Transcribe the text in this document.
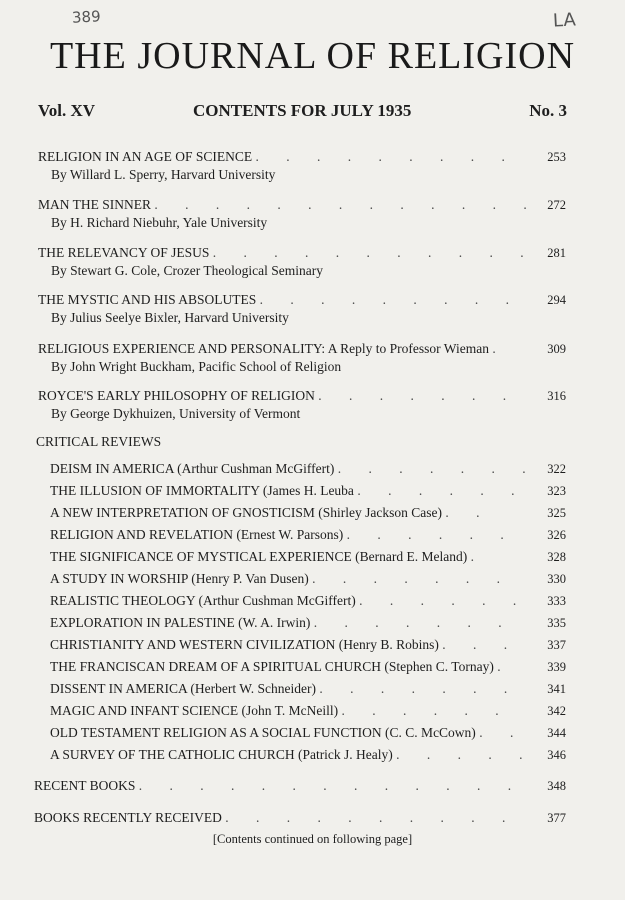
389	LA
THE JOURNAL OF RELIGION
Vol. XV	CONTENTS FOR JULY 1935	No. 3
RELIGION IN AN AGE OF SCIENCE . . . . . . . . . 253
By Willard L. Sperry, Harvard University
MAN THE SINNER . . . . . . . . . . . . . 272
By H. Richard Niebuhr, Yale University
THE RELEVANCY OF JESUS . . . . . . . . . . . 281
By Stewart G. Cole, Crozer Theological Seminary
THE MYSTIC AND HIS ABSOLUTES . . . . . . . . . 294
By Julius Seelye Bixler, Harvard University
RELIGIOUS EXPERIENCE AND PERSONALITY: A Reply to Professor Wieman .	309
By John Wright Buckham, Pacific School of Religion
ROYCE'S EARLY PHILOSOPHY OF RELIGION . . . . . . . 316
By George Dykhuizen, University of Vermont
CRITICAL REVIEWS
DEISM IN AMERICA (Arthur Cushman McGiffert) . . . . . . . 322
THE ILLUSION OF IMMORTALITY (James H. Leuba . . . . . . 323
A NEW INTERPRETATION OF GNOSTICISM (Shirley Jackson Case) . .	325
RELIGION AND REVELATION (Ernest W. Parsons) . . . . . .	326
THE SIGNIFICANCE OF MYSTICAL EXPERIENCE (Bernard E. Meland) .	328
A STUDY IN WORSHIP (Henry P. Van Dusen) . . . . . . .	330
REALISTIC THEOLOGY (Arthur Cushman McGiffert) . . . . . . 333
EXPLORATION IN PALESTINE (W. A. Irwin) . . . . . . .	335
CHRISTIANITY AND WESTERN CIVILIZATION (Henry B. Robins) . . . 337
THE FRANCISCAN DREAM OF A SPIRITUAL CHURCH (Stephen C. Tornay) .	339
DISSENT IN AMERICA (Herbert W. Schneider) . . . . . . . 341
MAGIC AND INFANT SCIENCE (John T. McNeill) . . . . . .	342
OLD TESTAMENT RELIGION AS A SOCIAL FUNCTION (C. C. McCown) . . 344
A SURVEY OF THE CATHOLIC CHURCH (Patrick J. Healy) . . . . . 346
RECENT BOOKS . . . . . . . . . . . . . 348
BOOKS RECENTLY RECEIVED . . . . . . . . . . 377
[Contents continued on following page]
